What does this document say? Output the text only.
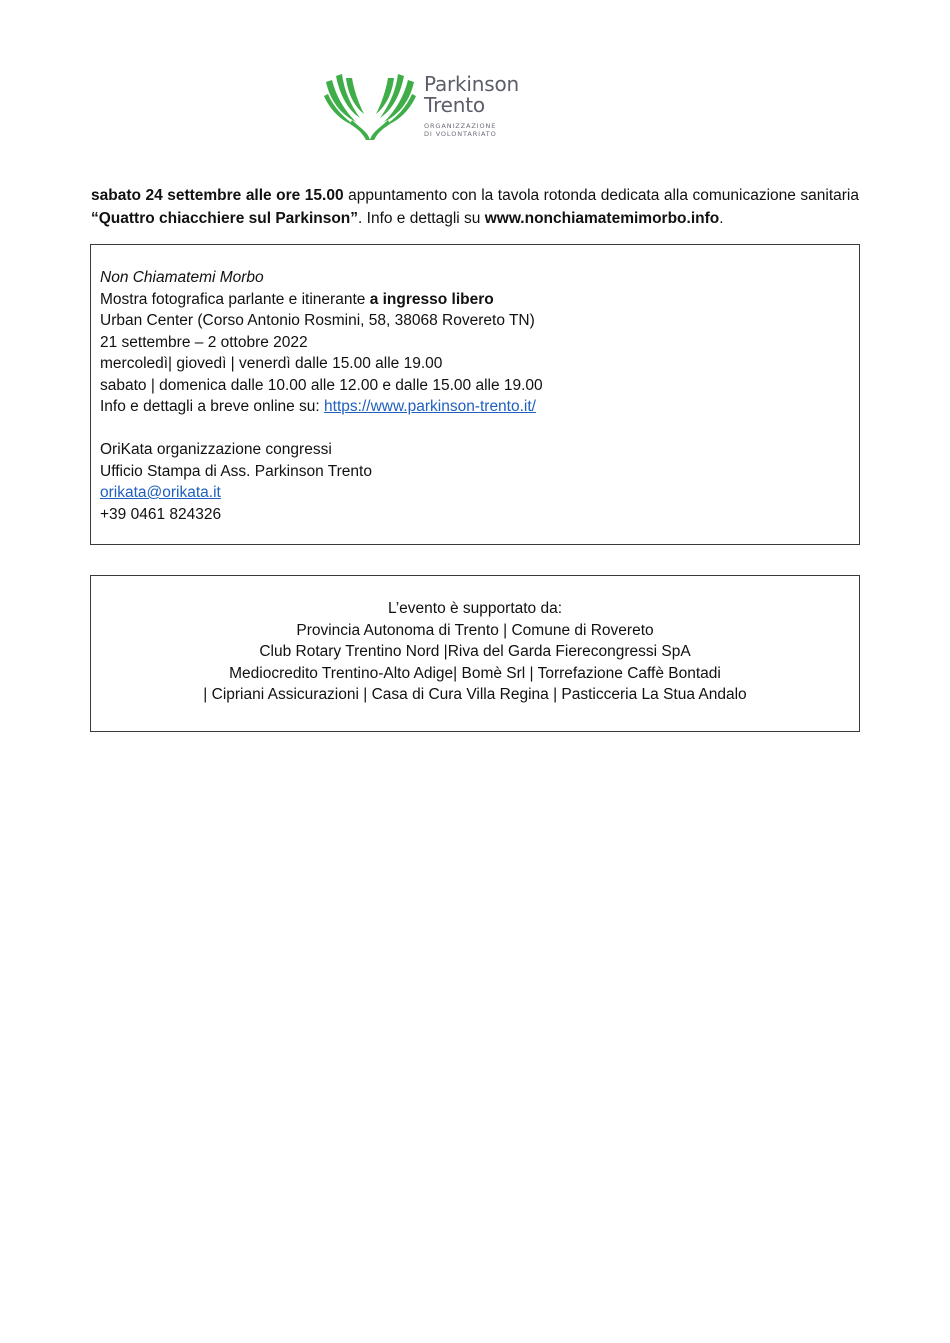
Parkinson
Trento
ORGANIZZAZIONE
DI VOLONTARIATO
sabato 24 settembre alle ore 15.00 appuntamento con la tavola rotonda dedicata alla comunicazione sanitaria “Quattro chiacchiere sul Parkinson”. Info e dettagli su www.nonchiamatemimorbo.info.
Non Chiamatemi Morbo
Mostra fotografica parlante e itinerante a ingresso libero
Urban Center (Corso Antonio Rosmini, 58, 38068 Rovereto TN)
21 settembre – 2 ottobre 2022
mercoledì| giovedì | venerdì dalle 15.00 alle 19.00
sabato | domenica dalle 10.00 alle 12.00 e dalle 15.00 alle 19.00
Info e dettagli a breve online su: https://www.parkinson-trento.it/
OriKata organizzazione congressi
Ufficio Stampa di Ass. Parkinson Trento
orikata@orikata.it
+39 0461 824326
L’evento è supportato da:
Provincia Autonoma di Trento | Comune di Rovereto
Club Rotary Trentino Nord |Riva del Garda Fierecongressi SpA
Mediocredito Trentino-Alto Adige| Bomè Srl | Torrefazione Caffè Bontadi
| Cipriani Assicurazioni | Casa di Cura Villa Regina | Pasticceria La Stua Andalo
